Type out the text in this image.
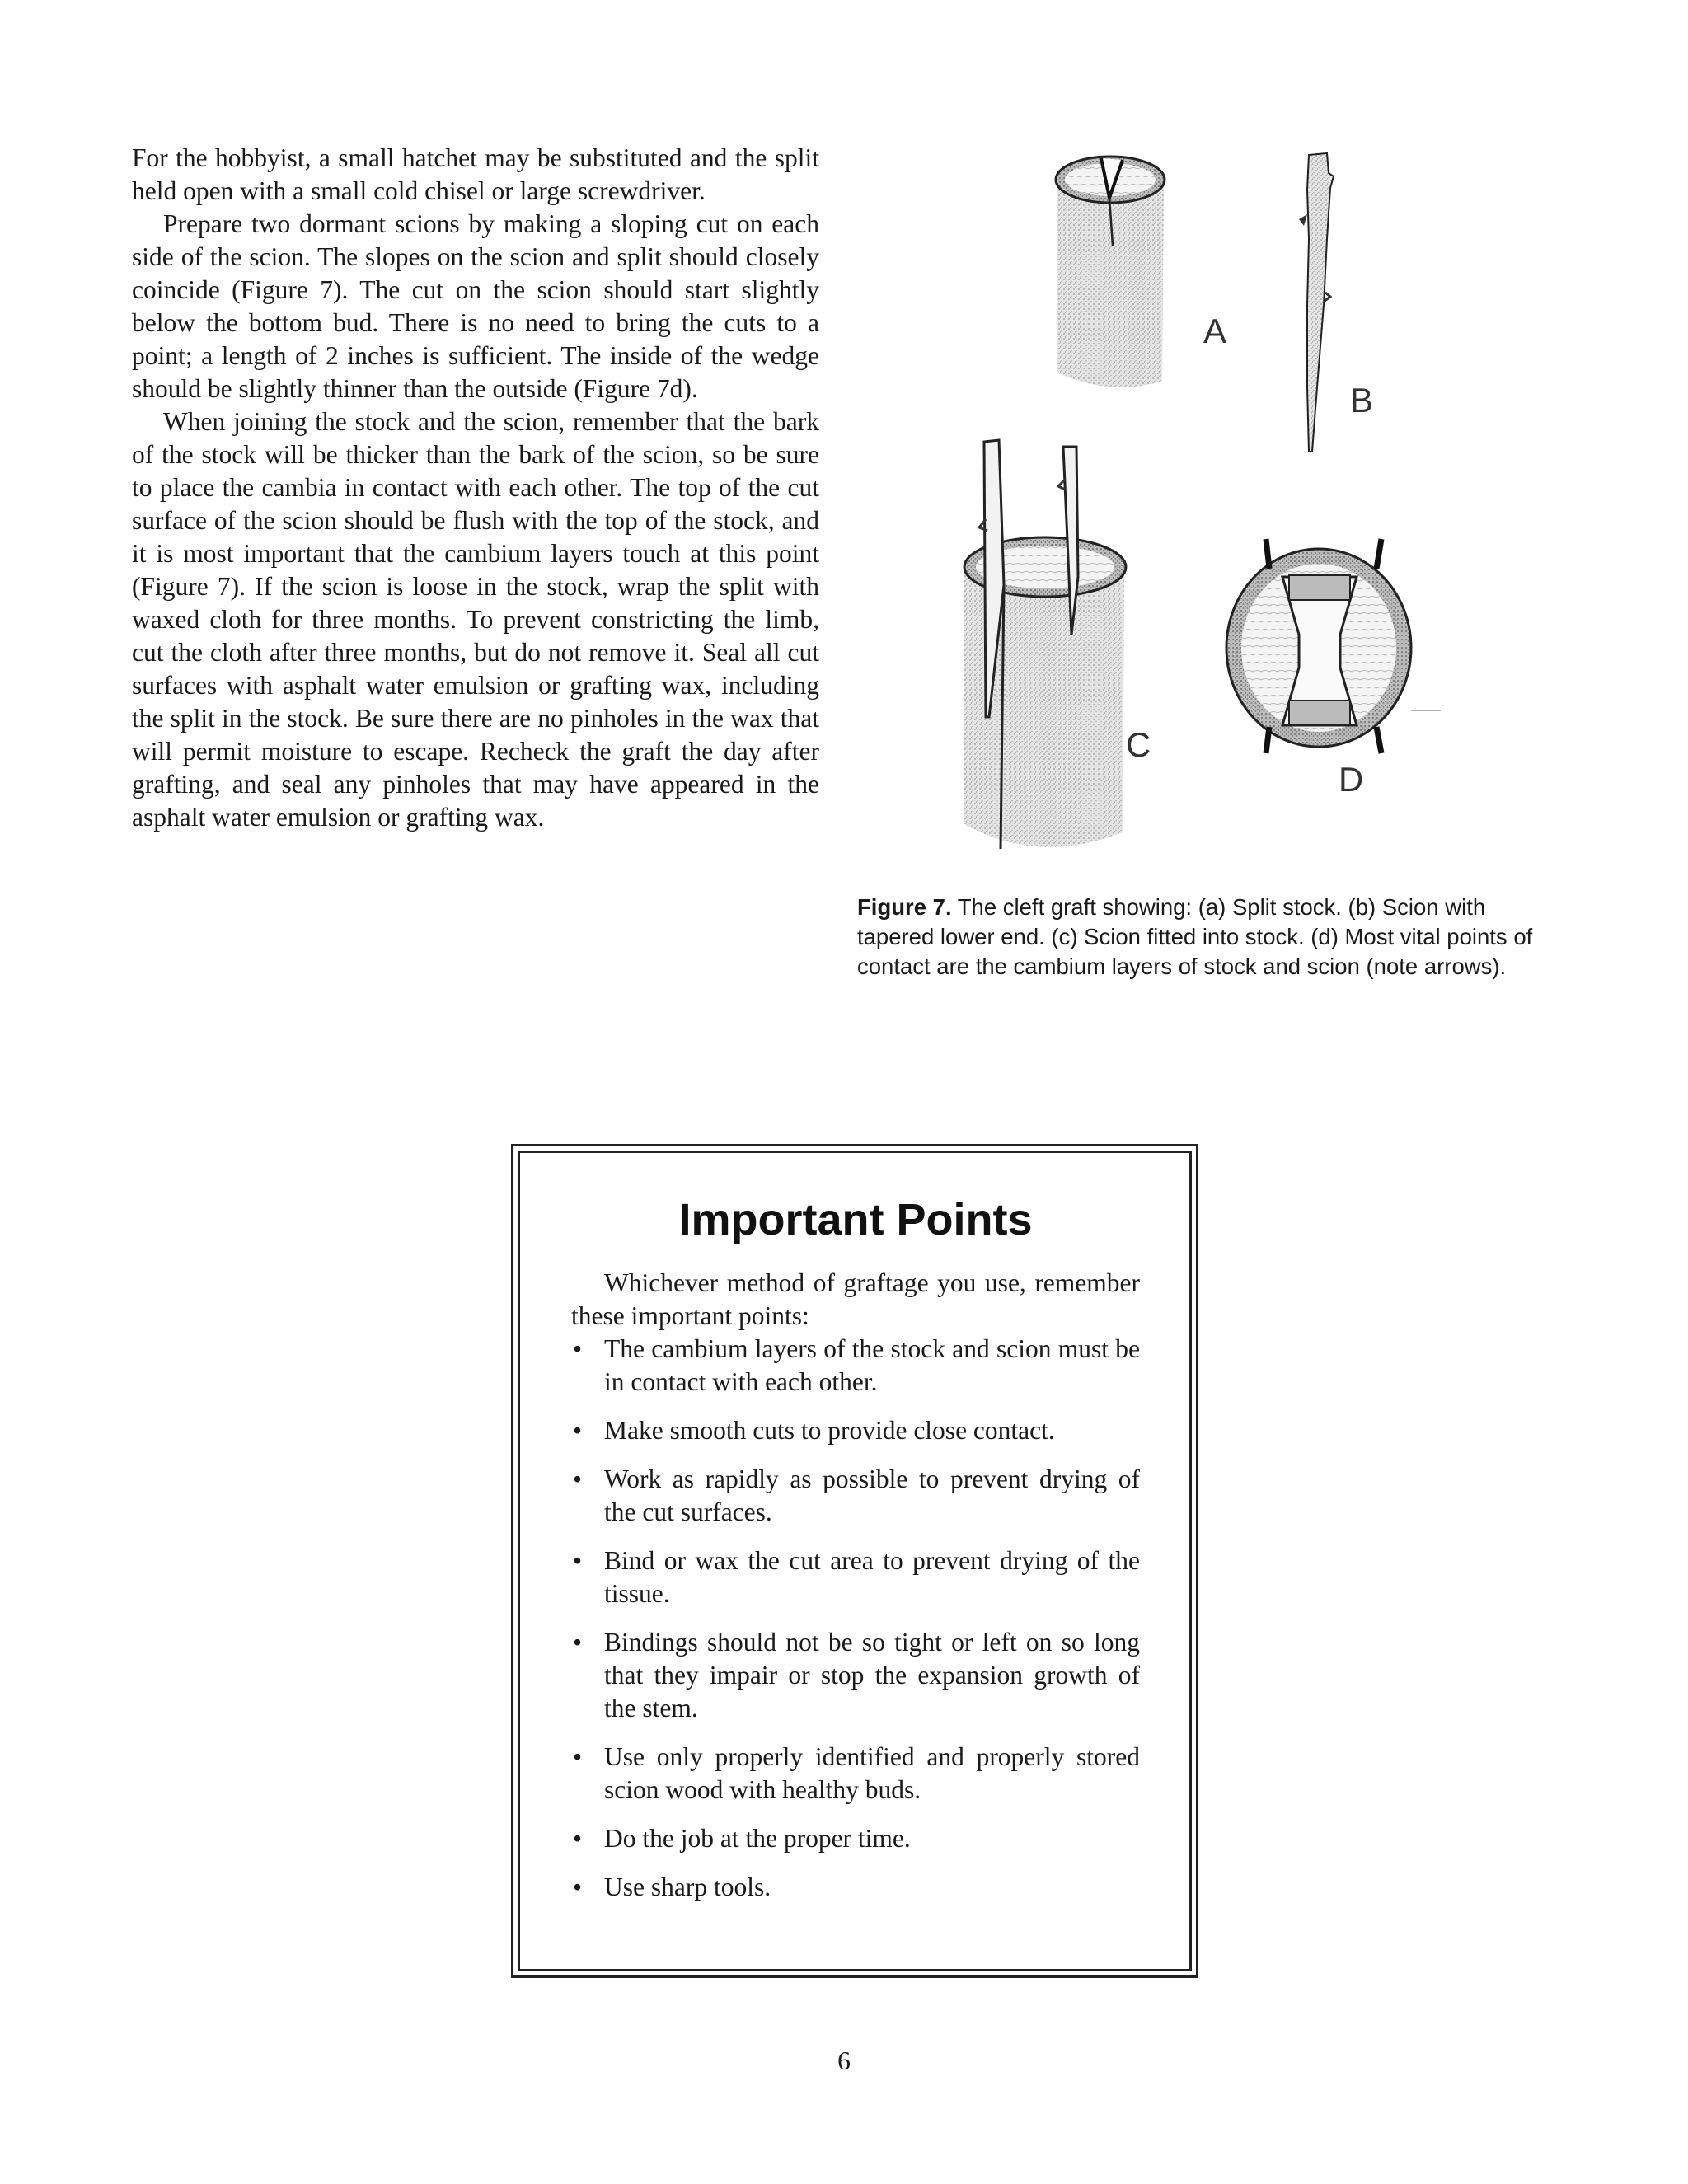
For the hobbyist, a small hatchet may be substituted and the split held open with a small cold chisel or large screwdriver.

Prepare two dormant scions by making a sloping cut on each side of the scion. The slopes on the scion and split should closely coincide (Figure 7). The cut on the scion should start slightly below the bottom bud. There is no need to bring the cuts to a point; a length of 2 inches is sufficient. The inside of the wedge should be slightly thinner than the outside (Figure 7d).

When joining the stock and the scion, remember that the bark of the stock will be thicker than the bark of the scion, so be sure to place the cambia in contact with each other. The top of the cut surface of the scion should be flush with the top of the stock, and it is most important that the cambium layers touch at this point (Figure 7). If the scion is loose in the stock, wrap the split with waxed cloth for three months. To prevent constricting the limb, cut the cloth after three months, but do not remove it. Seal all cut surfaces with asphalt water emulsion or grafting wax, including the split in the stock. Be sure there are no pinholes in the wax that will permit moisture to escape. Recheck the graft the day after grafting, and seal any pinholes that may have appeared in the asphalt water emulsion or grafting wax.

A
B
C
D
Figure 7. The cleft graft showing: (a) Split stock. (b) Scion with tapered lower end. (c) Scion fitted into stock. (d) Most vital points of contact are the cambium layers of stock and scion (note arrows).
Important Points

Whichever method of graftage you use, remember these important points:

• The cambium layers of the stock and scion must be in contact with each other.
• Make smooth cuts to provide close contact.
• Work as rapidly as possible to prevent drying of the cut surfaces.
• Bind or wax the cut area to prevent drying of the tissue.
• Bindings should not be so tight or left on so long that they impair or stop the expansion growth of the stem.
• Use only properly identified and properly stored scion wood with healthy buds.
• Do the job at the proper time.
• Use sharp tools.
6
